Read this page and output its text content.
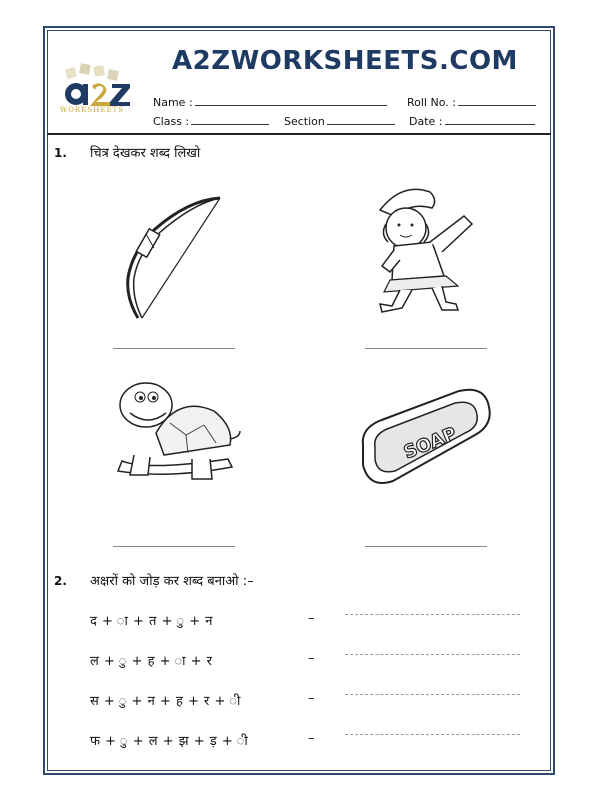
WORKSHEETS
A2ZWORKSHEETS.COM
Name :	Roll No. :
Class :	Section	Date :
1. चित्र देखकर शब्द लिखो
SOAP
2. अक्षरों को जोड़ कर शब्द बनाओ :–
द + ा + त + ु + न	–
ल + ु + ह + ा + र	–
स + ु + न + ह + र + ी	–
फ + ु + ल + झ + ड़ + ी	–
